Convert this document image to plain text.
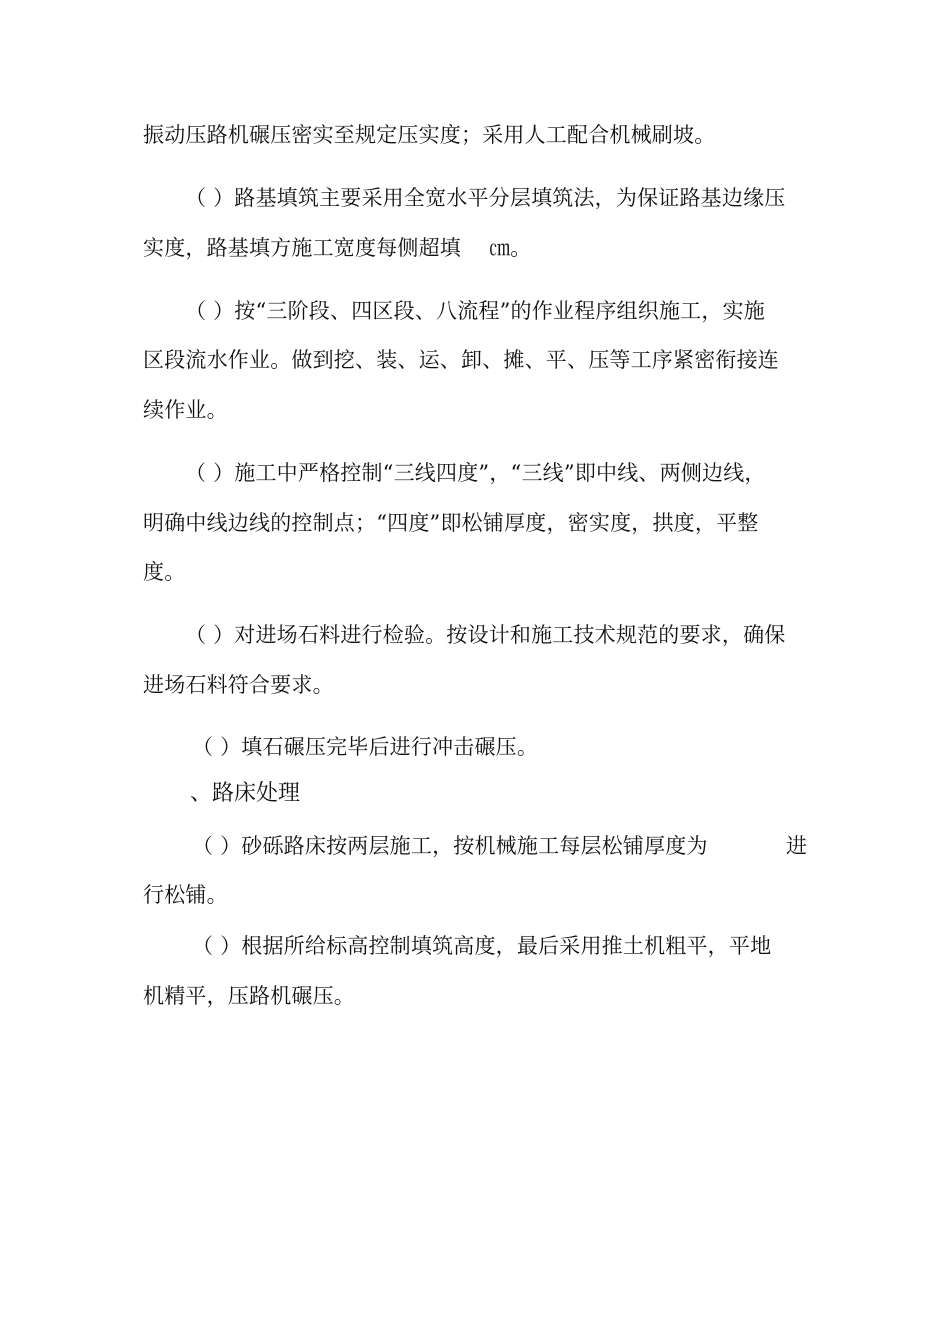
振动压路机碾压密实至规定压实度；采用人工配合机械刷坡。
（ ）路基填筑主要采用全宽水平分层填筑法，为保证路基边缘压
实度，路基填方施工宽度每侧超填　 ㎝。
（ ）按“三阶段、四区段、八流程”的作业程序组织施工，实施
区段流水作业。做到挖、装、运、卸、摊、平、压等工序紧密衔接连
续作业。
（ ）施工中严格控制“三线四度”，“三线”即中线、两侧边线，
明确中线边线的控制点；“四度”即松铺厚度，密实度，拱度，平整
度。
（ ）对进场石料进行检验。按设计和施工技术规范的要求，确保
进场石料符合要求。
（ ）填石碾压完毕后进行冲击碾压。
、路床处理
（ ）砂砾路床按两层施工，按机械施工每层松铺厚度为	进
行松铺。
（ ）根据所给标高控制填筑高度，最后采用推土机粗平，平地
机精平，压路机碾压。
